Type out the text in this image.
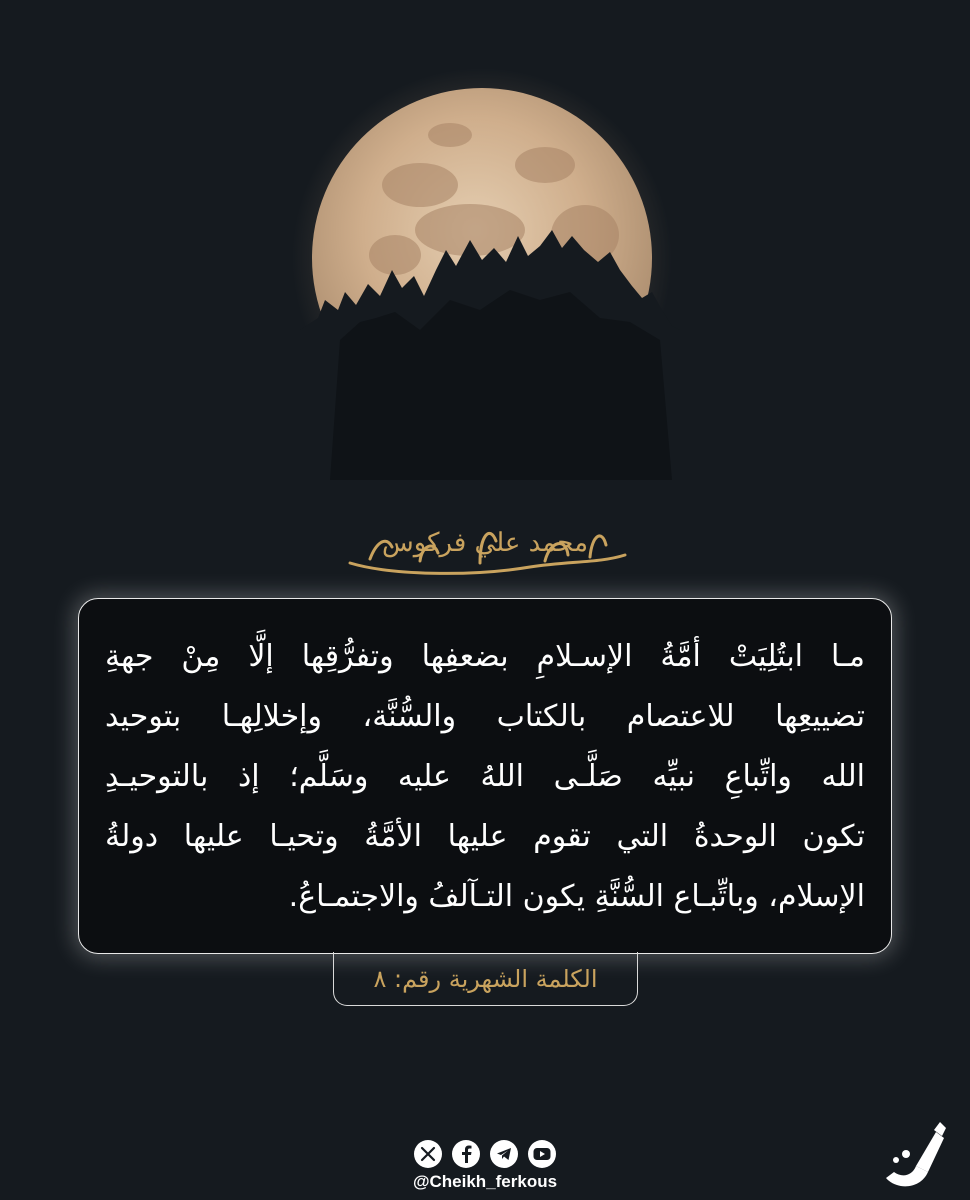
محمد علي فركوس

مـا ابتُلِيَتْ أمَّةُ الإسـلامِ بضعفِها وتفرُّقِها إلَّا مِنْ جهةِ
تضييعِها للاعتصام بالكتاب والسُّنَّة، وإخلالِهـا بتوحيد
الله واتِّباعِ نبيِّه صَلَّـى اللهُ عليه وسَلَّم؛ إذ بالتوحيـدِ
تكون الوحدةُ التي تقوم عليها الأمَّةُ وتحيـا عليها دولةُ
الإسلام، وباتِّبـاع السُّنَّةِ يكون التـآلفُ والاجتمـاعُ.

الكلمة الشهرية رقم: ٨
@Cheikh_ferkous
